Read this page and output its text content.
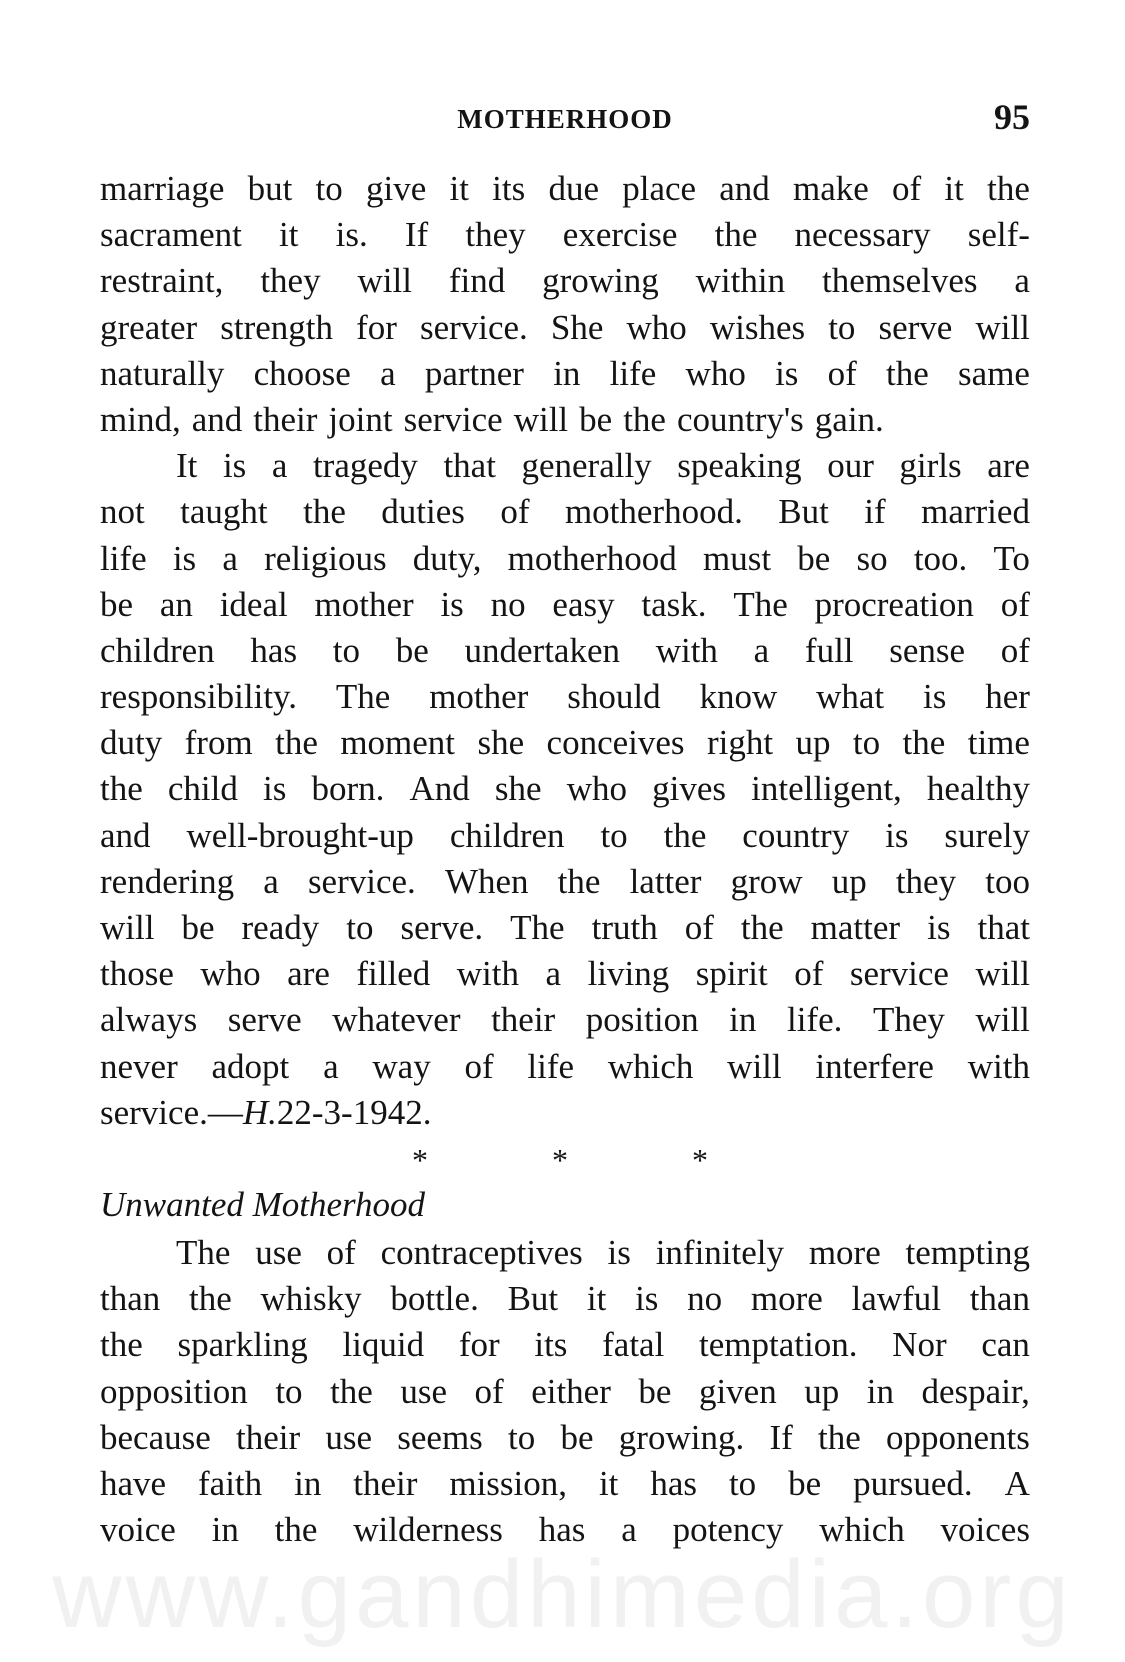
MOTHERHOOD	95
marriage but to give it its due place and make of it the
sacrament it is. If they exercise the necessary self-
restraint, they will find growing within themselves a
greater strength for service. She who wishes to serve will
naturally choose a partner in life who is of the same
mind, and their joint service will be the country's gain.
It is a tragedy that generally speaking our girls are
not taught the duties of motherhood. But if married
life is a religious duty, motherhood must be so too. To
be an ideal mother is no easy task. The procreation of
children has to be undertaken with a full sense of
responsibility. The mother should know what is her
duty from the moment she conceives right up to the time
the child is born. And she who gives intelligent, healthy
and well-brought-up children to the country is surely
rendering a service. When the latter grow up they too
will be ready to serve. The truth of the matter is that
those who are filled with a living spirit of service will
always serve whatever their position in life. They will
never adopt a way of life which will interfere with
service.— H. 22-3-1942.
*	*	*
Unwanted Motherhood
The use of contraceptives is infinitely more tempting
than the whisky bottle. But it is no more lawful than
the sparkling liquid for its fatal temptation. Nor can
opposition to the use of either be given up in despair,
because their use seems to be growing. If the opponents
have faith in their mission, it has to be pursued. A
voice in the wilderness has a potency which voices
www.gandhimedia.org
